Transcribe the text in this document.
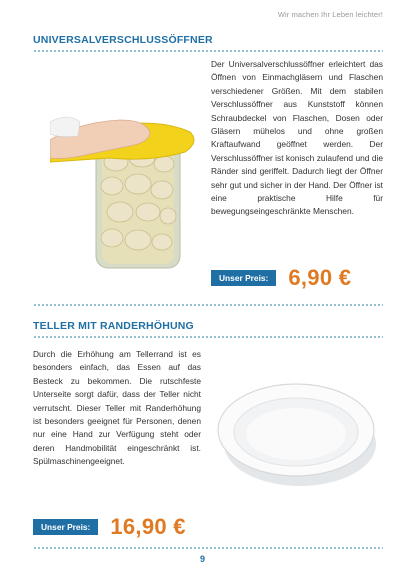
Wir machen Ihr Leben leichter!
UNIVERSALVERSCHLUSSÖFFNER
Der Universalverschlussöffner erleichtert das Öffnen von Einmachgläsern und Flaschen verschiedener Größen. Mit dem stabilen Verschlussöffner aus Kunststoff können Schraubdeckel von Flaschen, Dosen oder Gläsern mühelos und ohne großen Kraftaufwand geöffnet werden. Der Verschlussöffner ist konisch zulaufend und die Ränder sind geriffelt. Dadurch liegt der Öffner sehr gut und sicher in der Hand. Der Öffner ist eine praktische Hilfe für bewegungseingeschränkte Menschen.
Unser Preis: 6,90 €
TELLER MIT RANDERHÖHUNG
Durch die Erhöhung am Tellerrand ist es besonders einfach, das Essen auf das Besteck zu bekommen. Die rutschfeste Unterseite sorgt dafür, dass der Teller nicht verrutscht. Dieser Teller mit Randerhöhung ist besonders geeignet für Personen, denen nur eine Hand zur Verfügung steht oder deren Handmobilität eingeschränkt ist. Spülmaschinengeeignet.
Unser Preis: 16,90 €
9
